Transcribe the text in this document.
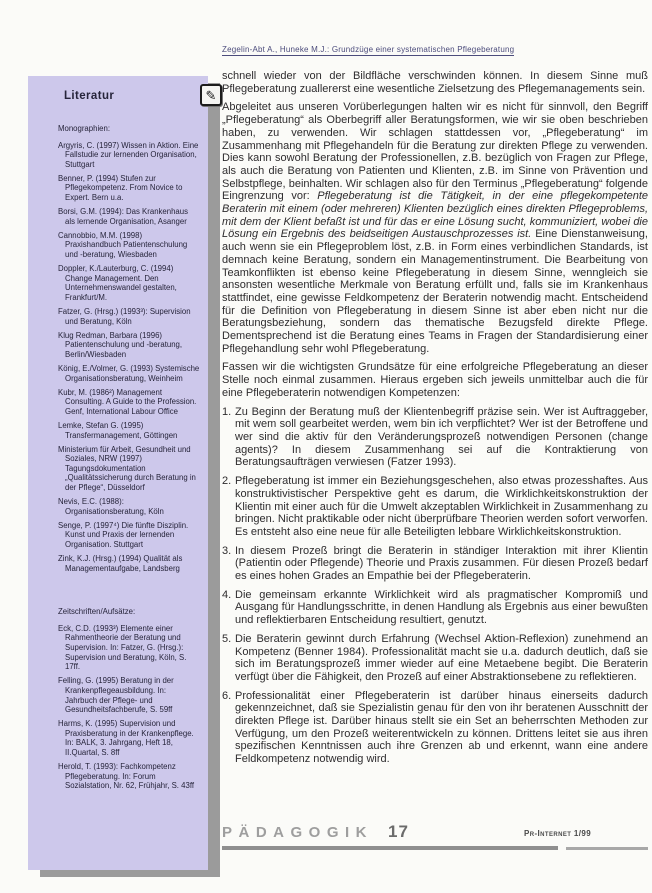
Zegelin-Abt A., Huneke M.J.: Grundzüge einer systematischen Pflegeberatung
Literatur
Monographien:
Argyris, C. (1997) Wissen in Aktion. Eine Fallstudie zur lernenden Organisation, Stuttgart
Benner, P. (1994) Stufen zur Pflegekompetenz. From Novice to Expert. Bern u.a.
Borsi, G.M. (1994): Das Krankenhaus als lernende Organisation, Asanger
Cannobbio, M.M. (1998) Praxishandbuch Patientenschulung und -beratung, Wiesbaden
Doppler, K./Lauterburg, C. (1994) Change Management. Den Unternehmenswandel gestalten, Frankfurt/M.
Fatzer, G. (Hrsg.) (1993³): Supervision und Beratung, Köln
Klug Redman, Barbara (1996) Patientenschulung und -beratung, Berlin/Wiesbaden
König, E./Volmer, G. (1993) Systemische Organisationsberatung, Weinheim
Kubr, M. (1986²) Management Consulting. A Guide to the Profession. Genf, International Labour Office
Lemke, Stefan G. (1995) Transfermanagement, Göttingen
Ministerium für Arbeit, Gesundheit und Soziales, NRW (1997) Tagungsdokumentation „Qualitätssicherung durch Beratung in der Pflege“, Düsseldorf
Nevis, E.C. (1988): Organisationsberatung, Köln
Senge, P. (1997⁴) Die fünfte Disziplin. Kunst und Praxis der lernenden Organisation. Stuttgart
Zink, K.J. (Hrsg.) (1994) Qualität als Managementaufgabe, Landsberg
Zeitschriften/Aufsätze:
Eck, C.D. (1993³) Elemente einer Rahmentheorie der Beratung und Supervision. In: Fatzer, G. (Hrsg.): Supervision und Beratung, Köln, S. 17ff.
Felling, G. (1995) Beratung in der Krankenpflegeausbildung. In: Jahrbuch der Pflege- und Gesundheitsfachberufe, S. 59ff
Harms, K. (1995) Supervision und Praxisberatung in der Krankenpflege. In: BALK, 3. Jahrgang, Heft 18, II.Quartal, S. 8ff
Herold, T. (1993): Fachkompetenz Pflegeberatung. In: Forum Sozialstation, Nr. 62, Frühjahr, S. 43ff
✎

schnell wieder von der Bildfläche verschwinden können. In diesem Sinne muß Pflegeberatung zuallererst eine wesentliche Zielsetzung des Pflegemanagements sein.

Abgeleitet aus unseren Vorüberlegungen halten wir es nicht für sinnvoll, den Begriff „Pflegeberatung“ als Oberbegriff aller Beratungsformen, wie wir sie oben beschrieben haben, zu verwenden. Wir schlagen stattdessen vor, „Pflegeberatung“ im Zusammenhang mit Pflegehandeln für die Beratung zur direkten Pflege zu verwenden. Dies kann sowohl Beratung der Professionellen, z.B. bezüglich von Fragen zur Pflege, als auch die Beratung von Patienten und Klienten, z.B. im Sinne von Prävention und Selbstpflege, beinhalten. Wir schlagen also für den Terminus „Pflegeberatung“ folgende Eingrenzung vor: Pflegeberatung ist die Tätigkeit, in der eine pflegekompetente Beraterin mit einem (oder mehreren) Klienten bezüglich eines direkten Pflegeproblems, mit dem der Klient befaßt ist und für das er eine Lösung sucht, kommuniziert, wobei die Lösung ein Ergebnis des beidseitigen Austauschprozesses ist. Eine Dienstanweisung, auch wenn sie ein Pflegeproblem löst, z.B. in Form eines verbindlichen Standards, ist demnach keine Beratung, sondern ein Managementinstrument. Die Bearbeitung von Teamkonflikten ist ebenso keine Pflegeberatung in diesem Sinne, wenngleich sie ansonsten wesentliche Merkmale von Beratung erfüllt und, falls sie im Krankenhaus stattfindet, eine gewisse Feldkompetenz der Beraterin notwendig macht. Entscheidend für die Definition von Pflegeberatung in diesem Sinne ist aber eben nicht nur die Beratungsbeziehung, sondern das thematische Bezugsfeld direkte Pflege. Dementsprechend ist die Beratung eines Teams in Fragen der Standardisierung einer Pflegehandlung sehr wohl Pflegeberatung.

Fassen wir die wichtigsten Grundsätze für eine erfolgreiche Pflegeberatung an dieser Stelle noch einmal zusammen. Hieraus ergeben sich jeweils unmittelbar auch die für eine Pflegeberaterin notwendigen Kompetenzen:

1. Zu Beginn der Beratung muß der Klientenbegriff präzise sein. Wer ist Auftraggeber, mit wem soll gearbeitet werden, wem bin ich verpflichtet? Wer ist der Betroffene und wer sind die aktiv für den Veränderungsprozeß notwendigen Personen (change agents)? In diesem Zusammenhang sei auf die Kontraktierung von Beratungsaufträgen verwiesen (Fatzer 1993).
2. Pflegeberatung ist immer ein Beziehungsgeschehen, also etwas prozesshaftes. Aus konstruktivistischer Perspektive geht es darum, die Wirklichkeitskonstruktion der Klientin mit einer auch für die Umwelt akzeptablen Wirklichkeit in Zusammenhang zu bringen. Nicht praktikable oder nicht überprüfbare Theorien werden sofort verworfen. Es entsteht also eine neue für alle Beteiligten lebbare Wirklichkeitskonstruktion.
3. In diesem Prozeß bringt die Beraterin in ständiger Interaktion mit ihrer Klientin (Patientin oder Pflegende) Theorie und Praxis zusammen. Für diesen Prozeß bedarf es eines hohen Grades an Empathie bei der Pflegeberaterin.
4. Die gemeinsam erkannte Wirklichkeit wird als pragmatischer Kompromiß und Ausgang für Handlungsschritte, in denen Handlung als Ergebnis aus einer bewußten und reflektierbaren Entscheidung resultiert, genutzt.
5. Die Beraterin gewinnt durch Erfahrung (Wechsel Aktion-Reflexion) zunehmend an Kompetenz (Benner 1984). Professionalität macht sie u.a. dadurch deutlich, daß sie sich im Beratungsprozeß immer wieder auf eine Metaebene begibt. Die Beraterin verfügt über die Fähigkeit, den Prozeß auf einer Abstraktionsebene zu reflektieren.
6. Professionalität einer Pflegeberaterin ist darüber hinaus einerseits dadurch gekennzeichnet, daß sie Spezialistin genau für den von ihr beratenen Ausschnitt der direkten Pflege ist. Darüber hinaus stellt sie ein Set an beherrschten Methoden zur Verfügung, um den Prozeß weiterentwickeln zu können. Drittens leitet sie aus ihren spezifischen Kenntnissen auch ihre Grenzen ab und erkennt, wann eine andere Feldkompetenz notwendig wird.
PÄDAGOGIK 17	Pr-Internet 1/99
